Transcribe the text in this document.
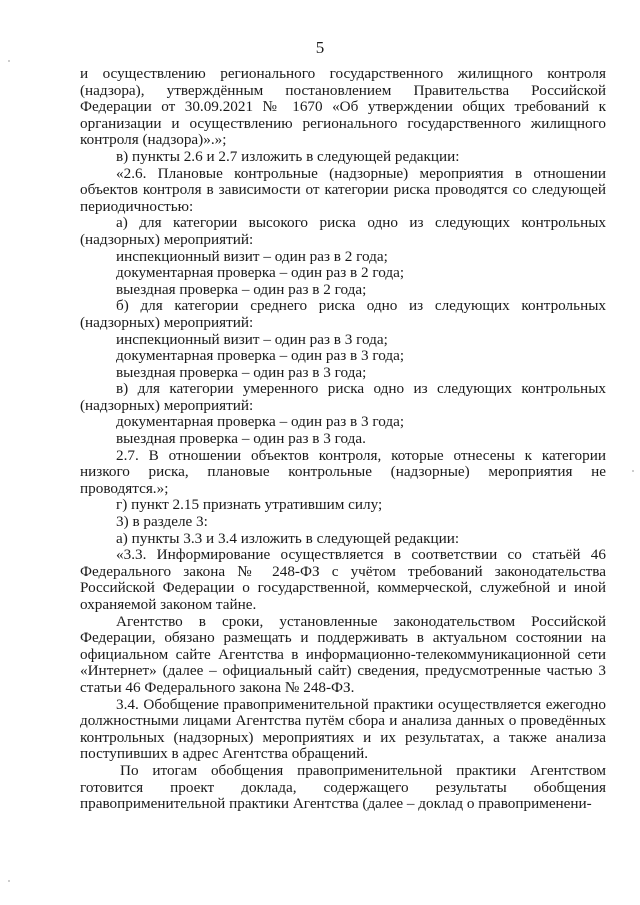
5

и осуществлению регионального государственного жилищного контроля (надзора), утверждённым постановлением Правительства Российской Федерации от 30.09.2021 № 1670 «Об утверждении общих требований к организации и осуществлению регионального государственного жилищного контроля (надзора)».»;

в) пункты 2.6 и 2.7 изложить в следующей редакции:

«2.6. Плановые контрольные (надзорные) мероприятия в отношении объектов контроля в зависимости от категории риска проводятся со следующей периодичностью:

а) для категории высокого риска одно из следующих контрольных (надзорных) мероприятий:

инспекционный визит – один раз в 2 года;

документарная проверка – один раз в 2 года;

выездная проверка – один раз в 2 года;

б) для категории среднего риска одно из следующих контрольных (надзорных) мероприятий:

инспекционный визит – один раз в 3 года;

документарная проверка – один раз в 3 года;

выездная проверка – один раз в 3 года;

в) для категории умеренного риска одно из следующих контрольных (надзорных) мероприятий:

документарная проверка – один раз в 3 года;

выездная проверка – один раз в 3 года.

2.7. В отношении объектов контроля, которые отнесены к категории низкого риска, плановые контрольные (надзорные) мероприятия не проводятся.»;

г) пункт 2.15 признать утратившим силу;

3) в разделе 3:

а) пункты 3.3 и 3.4 изложить в следующей редакции:

«3.3. Информирование осуществляется в соответствии со статьёй 46 Федерального закона № 248-ФЗ с учётом требований законодательства Российской Федерации о государственной, коммерческой, служебной и иной охраняемой законом тайне.

Агентство в сроки, установленные законодательством Российской Федерации, обязано размещать и поддерживать в актуальном состоянии на официальном сайте Агентства в информационно-телекоммуникационной сети «Интернет» (далее – официальный сайт) сведения, предусмотренные частью 3 статьи 46 Федерального закона № 248-ФЗ.

3.4. Обобщение правоприменительной практики осуществляется ежегодно должностными лицами Агентства путём сбора и анализа данных о проведённых контрольных (надзорных) мероприятиях и их результатах, а также анализа поступивших в адрес Агентства обращений.

По итогам обобщения правоприменительной практики Агентством готовится проект доклада, содержащего результаты обобщения правоприменительной практики Агентства (далее – доклад о правоприменени-
